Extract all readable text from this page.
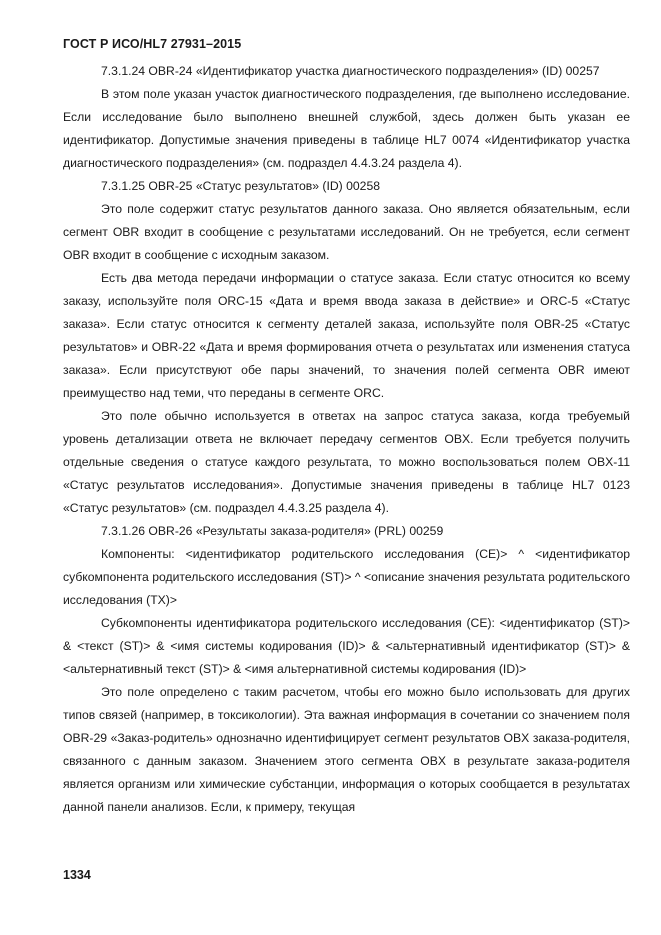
ГОСТ Р ИСО/HL7 27931–2015

7.3.1.24 OBR-24 «Идентификатор участка диагностического подразделения» (ID) 00257

В этом поле указан участок диагностического подразделения, где выполнено исследование. Если исследование было выполнено внешней службой, здесь должен быть указан ее идентификатор. Допустимые значения приведены в таблице HL7 0074 «Идентификатор участка диагностического подразделения» (см. подраздел 4.4.3.24 раздела 4).

7.3.1.25 OBR-25 «Статус результатов» (ID) 00258

Это поле содержит статус результатов данного заказа. Оно является обязательным, если сегмент OBR входит в сообщение с результатами исследований. Он не требуется, если сегмент OBR входит в сообщение с исходным заказом.

Есть два метода передачи информации о статусе заказа. Если статус относится ко всему заказу, используйте поля ORC-15 «Дата и время ввода заказа в действие» и ORC-5 «Статус заказа». Если статус относится к сегменту деталей заказа, используйте поля OBR-25 «Статус результатов» и OBR-22 «Дата и время формирования отчета о результатах или изменения статуса заказа». Если присутствуют обе пары значений, то значения полей сегмента OBR имеют преимущество над теми, что переданы в сегменте ORC.

Это поле обычно используется в ответах на запрос статуса заказа, когда требуемый уровень детализации ответа не включает передачу сегментов OBX. Если требуется получить отдельные сведения о статусе каждого результата, то можно воспользоваться полем OBX-11 «Статус результатов исследования». Допустимые значения приведены в таблице HL7 0123 «Статус результатов» (см. подраздел 4.4.3.25 раздела 4).

7.3.1.26 OBR-26 «Результаты заказа-родителя» (PRL) 00259

Компоненты: <идентификатор родительского исследования (CE)> ^ <идентификатор субкомпонента родительского исследования (ST)> ^ <описание значения результата родительского исследования (TX)>

Субкомпоненты идентификатора родительского исследования (CE): <идентификатор (ST)> & <текст (ST)> & <имя системы кодирования (ID)> & <альтернативный идентификатор (ST)> & <альтернативный текст (ST)> & <имя альтернативной системы кодирования (ID)>

Это поле определено с таким расчетом, чтобы его можно было использовать для других типов связей (например, в токсикологии). Эта важная информация в сочетании со значением поля OBR-29 «Заказ-родитель» однозначно идентифицирует сегмент результатов OBX заказа-родителя, связанного с данным заказом. Значением этого сегмента OBX в результате заказа-родителя является организм или химические субстанции, информация о которых сообщается в результатах данной панели анализов. Если, к примеру, текущая

1334
